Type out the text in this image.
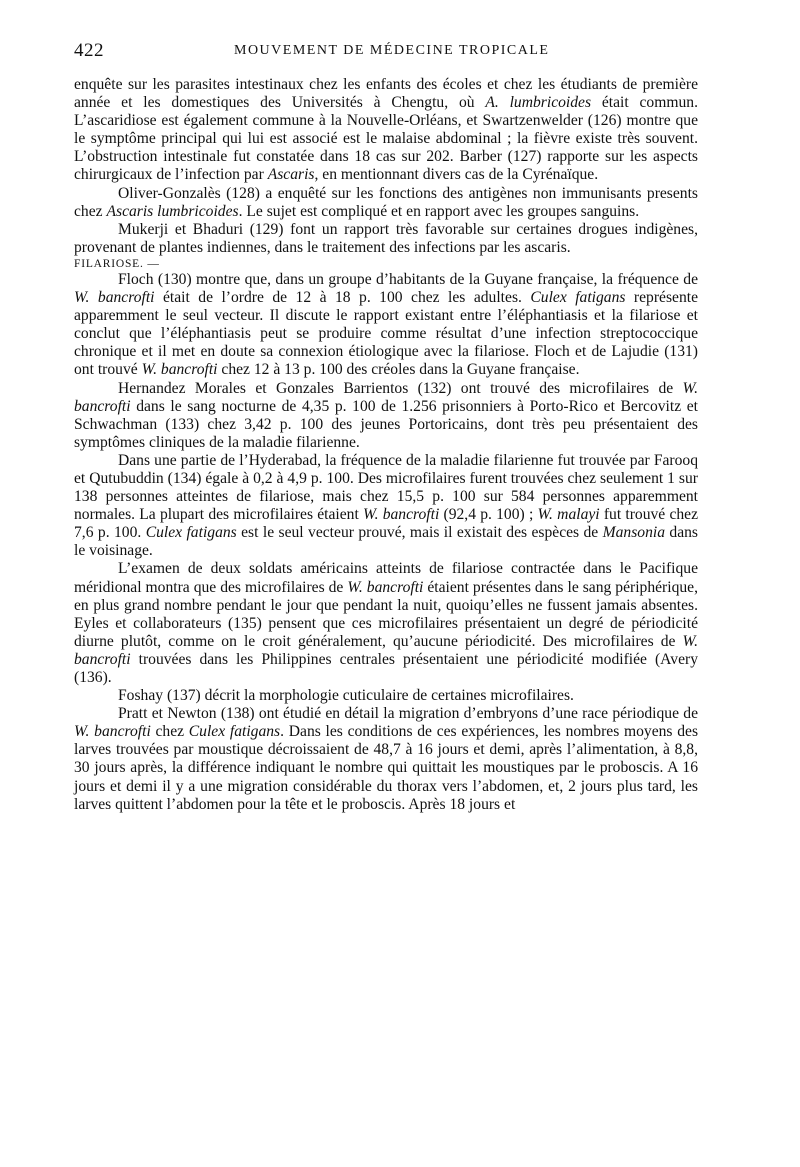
422	MOUVEMENT DE MÉDECINE TROPICALE

enquête sur les parasites intestinaux chez les enfants des écoles et chez les étudiants de première année et les domestiques des Universités à Chengtu, où A. lumbricoides était commun. L’ascaridiose est également commune à la Nouvelle-Orléans, et Swartzenwelder (126) montre que le symptôme principal qui lui est associé est le malaise abdominal ; la fièvre existe très souvent. L’obstruction intestinale fut constatée dans 18 cas sur 202. Barber (127) rapporte sur les aspects chirurgicaux de l’infection par Ascaris, en mentionnant divers cas de la Cyrénaïque.

Oliver-Gonzalès (128) a enquêté sur les fonctions des antigènes non immunisants presents chez Ascaris lumbricoides. Le sujet est compliqué et en rapport avec les groupes sanguins.

Mukerji et Bhaduri (129) font un rapport très favorable sur certaines drogues indigènes, provenant de plantes indiennes, dans le traitement des infections par les ascaris.

FILARIOSE. —

Floch (130) montre que, dans un groupe d’habitants de la Guyane française, la fréquence de W. bancrofti était de l’ordre de 12 à 18 p. 100 chez les adultes. Culex fatigans représente apparemment le seul vecteur. Il discute le rapport existant entre l’éléphantiasis et la filariose et conclut que l’éléphantiasis peut se produire comme résultat d’une infection streptococcique chronique et il met en doute sa connexion étiologique avec la filariose. Floch et de Lajudie (131) ont trouvé W. bancrofti chez 12 à 13 p. 100 des créoles dans la Guyane française.

Hernandez Morales et Gonzales Barrientos (132) ont trouvé des microfilaires de W. bancrofti dans le sang nocturne de 4,35 p. 100 de 1.256 prisonniers à Porto-Rico et Bercovitz et Schwachman (133) chez 3,42 p. 100 des jeunes Portoricains, dont très peu présentaient des symptômes cliniques de la maladie filarienne.

Dans une partie de l’Hyderabad, la fréquence de la maladie filarienne fut trouvée par Farooq et Qutubuddin (134) égale à 0,2 à 4,9 p. 100. Des microfilaires furent trouvées chez seulement 1 sur 138 personnes atteintes de filariose, mais chez 15,5 p. 100 sur 584 personnes apparemment normales. La plupart des microfilaires étaient W. bancrofti (92,4 p. 100) ; W. malayi fut trouvé chez 7,6 p. 100. Culex fatigans est le seul vecteur prouvé, mais il existait des espèces de Mansonia dans le voisinage.

L’examen de deux soldats américains atteints de filariose contractée dans le Pacifique méridional montra que des microfilaires de W. bancrofti étaient présentes dans le sang périphérique, en plus grand nombre pendant le jour que pendant la nuit, quoiqu’elles ne fussent jamais absentes. Eyles et collaborateurs (135) pensent que ces microfilaires présentaient un degré de périodicité diurne plutôt, comme on le croit généralement, qu’aucune périodicité. Des microfilaires de W. bancrofti trouvées dans les Philippines centrales présentaient une périodicité modifiée (Avery (136).

Foshay (137) décrit la morphologie cuticulaire de certaines microfilaires.

Pratt et Newton (138) ont étudié en détail la migration d’embryons d’une race périodique de W. bancrofti chez Culex fatigans. Dans les conditions de ces expériences, les nombres moyens des larves trouvées par moustique décroissaient de 48,7 à 16 jours et demi, après l’alimentation, à 8,8, 30 jours après, la différence indiquant le nombre qui quittait les moustiques par le proboscis. A 16 jours et demi il y a une migration considérable du thorax vers l’abdomen, et, 2 jours plus tard, les larves quittent l’abdomen pour la tête et le proboscis. Après 18 jours et
